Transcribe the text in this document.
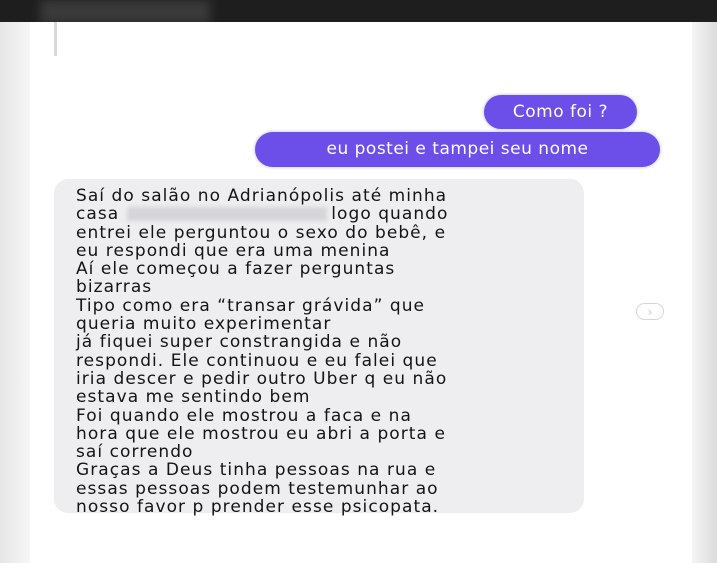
Como foi ?
eu postei e tampei seu nome
Saí do salão no Adrianópolis até minha
casa	logo quando
entrei ele perguntou o sexo do bebê, e
eu respondi que era uma menina
Aí ele começou a fazer perguntas
bizarras
Tipo como era “transar grávida” que
queria muito experimentar
já fiquei super constrangida e não
respondi. Ele continuou e eu falei que
iria descer e pedir outro Uber q eu não
estava me sentindo bem
Foi quando ele mostrou a faca e na
hora que ele mostrou eu abri a porta e
saí correndo
Graças a Deus tinha pessoas na rua e
essas pessoas podem testemunhar ao
nosso favor p prender esse psicopata.
›
